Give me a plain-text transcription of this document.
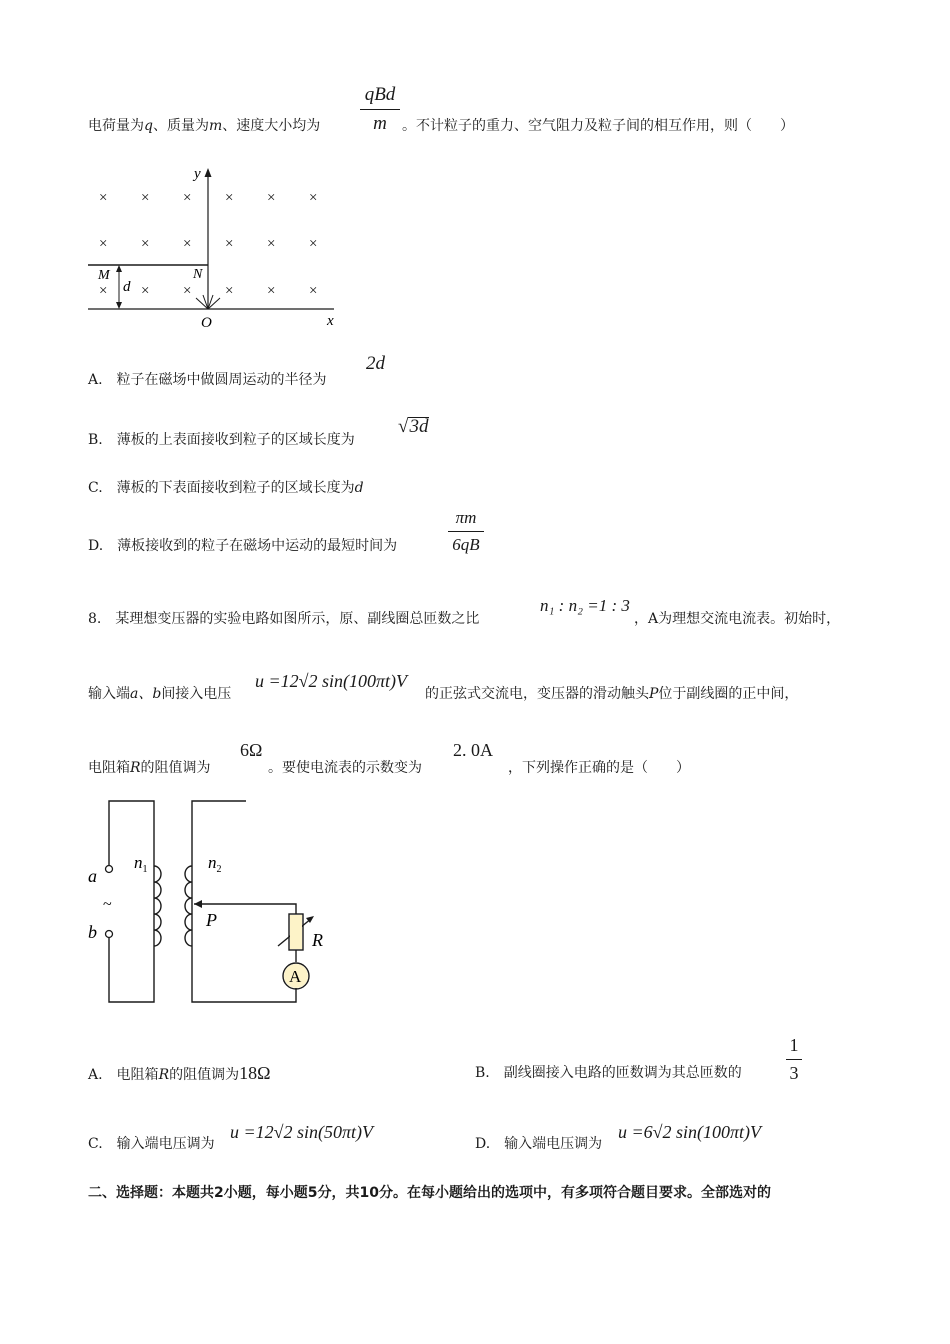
电荷量为q、质量为m、速度大小均为
qBd
m	。不计粒子的重力、空气阻力及粒子间的相互作用，则（　　）
y
x
O
M	N
d
× × × × × ×
× × × × × ×
× × × × × ×
A.　粒子在磁场中做圆周运动的半径为
2d
B.　薄板的上表面接收到粒子的区域长度为
√3d
C.　薄板的下表面接收到粒子的区域长度为d
D.　薄板接收到的粒子在磁场中运动的最短时间为
πm
6qB
8.　某理想变压器的实验电路如图所示，原、副线圈总匝数之比
n₁ : n₂ =1 : 3
，A为理想交流电流表。初始时，
输入端a、b间接入电压
u =12√2 sin(100πt)V
的正弦式交流电，变压器的滑动触头P位于副线圈的正中间，
电阻箱R的阻值调为
6Ω
。要使电流表的示数变为
2. 0A
，下列操作正确的是（　　）
a
b
~
$n_1$	$n_2$
P
R
A
A.　电阻箱R的阻值调为18Ω	B.　副线圈接入电路的匝数调为其总匝数的
1
3
C.　输入端电压调为
u =12√2 sin(50πt)V
D.　输入端电压调为
u =6√2 sin(100πt)V
二、选择题：本题共2小题，每小题5分，共10分。在每小题给出的选项中，有多项符合题目要求。全部选对的
